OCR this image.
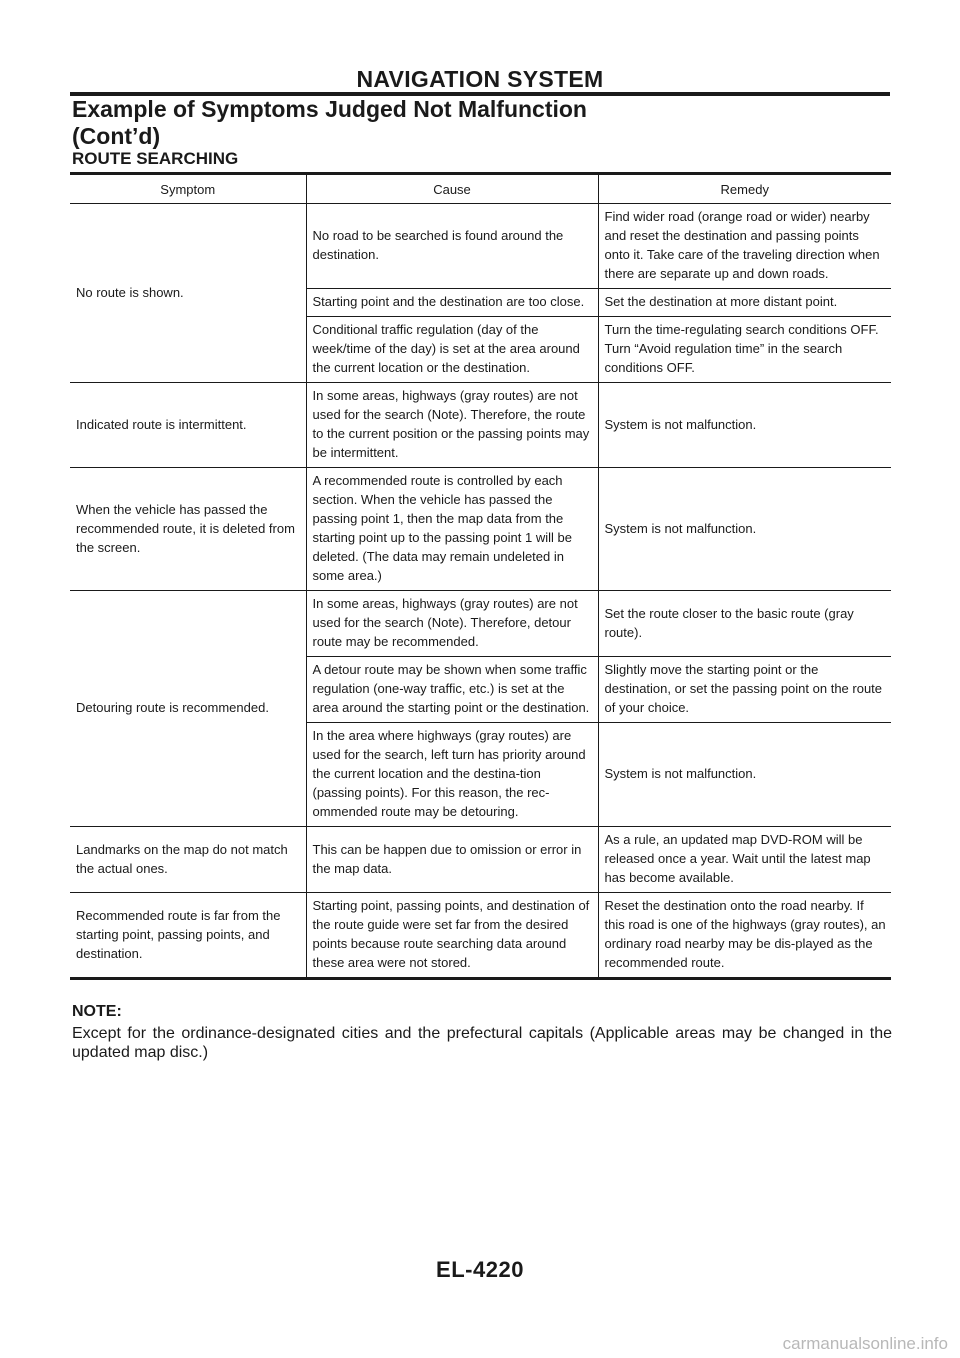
NAVIGATION SYSTEM
Example of Symptoms Judged Not Malfunction
(Cont’d)
ROUTE SEARCHING
Symptom	Cause	Remedy
No route is shown.	No road to be searched is found around the destination.	Find wider road (orange road or wider) nearby and reset the destination and passing points onto it. Take care of the traveling direction when there are separate up and down roads.
	Starting point and the destination are too close.	Set the destination at more distant point.
	Conditional traffic regulation (day of the week/time of the day) is set at the area around the current location or the destination.	Turn the time-regulating search conditions OFF. Turn “Avoid regulation time” in the search conditions OFF.
Indicated route is intermittent.	In some areas, highways (gray routes) are not used for the search (Note). Therefore, the route to the current position or the passing points may be intermittent.	System is not malfunction.
When the vehicle has passed the recommended route, it is deleted from the screen.	A recommended route is controlled by each section. When the vehicle has passed the passing point 1, then the map data from the starting point up to the passing point 1 will be deleted. (The data may remain undeleted in some area.)	System is not malfunction.
Detouring route is recommended.	In some areas, highways (gray routes) are not used for the search (Note). Therefore, detour route may be recommended.	Set the route closer to the basic route (gray route).
	A detour route may be shown when some traffic regulation (one-way traffic, etc.) is set at the area around the starting point or the destination.	Slightly move the starting point or the destination, or set the passing point on the route of your choice.
	In the area where highways (gray routes) are used for the search, left turn has priority around the current location and the destina-tion (passing points). For this reason, the rec-ommended route may be detouring.	System is not malfunction.
Landmarks on the map do not match the actual ones.	This can be happen due to omission or error in the map data.	As a rule, an updated map DVD-ROM will be released once a year. Wait until the latest map has become available.
Recommended route is far from the starting point, passing points, and destination.	Starting point, passing points, and destination of the route guide were set far from the desired points because route searching data around these area were not stored.	Reset the destination onto the road nearby. If this road is one of the highways (gray routes), an ordinary road nearby may be dis-played as the recommended route.
NOTE:
Except for the ordinance-designated cities and the prefectural capitals (Applicable areas may be changed in the updated map disc.)
EL-4220
carmanualsonline.info
